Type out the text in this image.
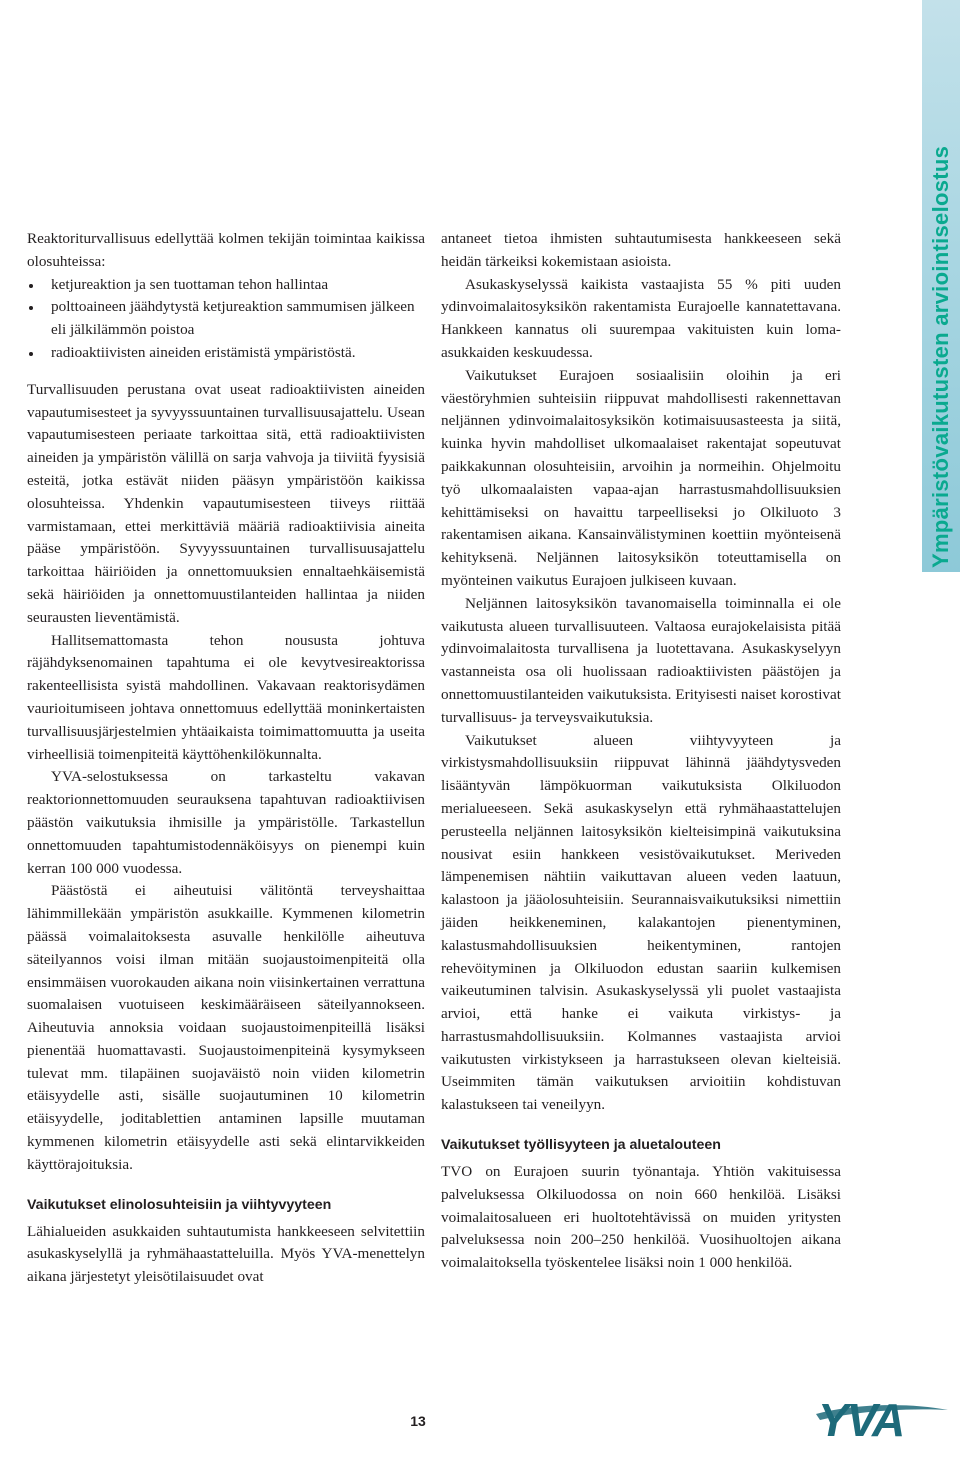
Ympäristövaikutusten arviointiselostus

Reaktoriturvallisuus edellyttää kolmen tekijän toimintaa kaikissa olosuhteissa:

ketjureaktion ja sen tuottaman tehon hallintaa
polttoaineen jäähdytystä ketjureaktion sammumisen jälkeen eli jälkilämmön poistoa
radioaktiivisten aineiden eristämistä ympäristöstä.

Turvallisuuden perustana ovat useat radioaktiivisten aineiden vapautumisesteet ja syvyyssuuntainen turvallisuusajattelu. Usean vapautumisesteen periaate tarkoittaa sitä, että radioaktiivisten aineiden ja ympäristön välillä on sarja vahvoja ja tiiviitä fyysisiä esteitä, jotka estävät niiden pääsyn ympäristöön kaikissa olosuhteissa. Yhdenkin vapautumisesteen tiiveys riittää varmistamaan, ettei merkittäviä määriä radioaktiivisia aineita pääse ympäristöön. Syvyyssuuntainen turvallisuusajattelu tarkoittaa häiriöiden ja onnettomuuksien ennaltaehkäisemistä sekä häiriöiden ja onnettomuustilanteiden hallintaa ja niiden seurausten lieventämistä.

Hallitsemattomasta tehon noususta johtuva räjähdyksenomainen tapahtuma ei ole kevytvesireaktorissa rakenteellisista syistä mahdollinen. Vakavaan reaktorisydämen vaurioitumiseen johtava onnettomuus edellyttää moninkertaisten turvallisuusjärjestelmien yhtäaikaista toimimattomuutta ja useita virheellisiä toimenpiteitä käyttöhenkilökunnalta.

YVA-selostuksessa on tarkasteltu vakavan reaktorionnettomuuden seurauksena tapahtuvan radioaktiivisen päästön vaikutuksia ihmisille ja ympäristölle. Tarkastellun onnettomuuden tapahtumistodennäköisyys on pienempi kuin kerran 100 000 vuodessa.

Päästöstä ei aiheutuisi välitöntä terveyshaittaa lähimmillekään ympäristön asukkaille. Kymmenen kilometrin päässä voimalaitoksesta asuvalle henkilölle aiheutuva säteilyannos voisi ilman mitään suojaustoimenpiteitä olla ensimmäisen vuorokauden aikana noin viisinkertainen verrattuna suomalaisen vuotuiseen keskimääräiseen säteilyannokseen. Aiheutuvia annoksia voidaan suojaustoimenpiteillä lisäksi pienentää huomattavasti. Suojaustoimenpiteinä kysymykseen tulevat mm. tilapäinen suojaväistö noin viiden kilometrin etäisyydelle asti, sisälle suojautuminen 10 kilometrin etäisyydelle, joditablettien antaminen lapsille muutaman kymmenen kilometrin etäisyydelle asti sekä elintarvikkeiden käyttörajoituksia.

Vaikutukset elinolosuhteisiin ja viihtyvyyteen

Lähialueiden asukkaiden suhtautumista hankkeeseen selvitettiin asukaskyselyllä ja ryhmähaastatteluilla. Myös YVA-menettelyn aikana järjestetyt yleisötilaisuudet ovat

antaneet tietoa ihmisten suhtautumisesta hankkeeseen sekä heidän tärkeiksi kokemistaan asioista.

Asukaskyselyssä kaikista vastaajista 55 % piti uuden ydinvoimalaitosyksikön rakentamista Eurajoelle kannatettavana. Hankkeen kannatus oli suurempaa vakituisten kuin loma-asukkaiden keskuudessa.

Vaikutukset Eurajoen sosiaalisiin oloihin ja eri väestöryhmien suhteisiin riippuvat mahdollisesti rakennettavan neljännen ydinvoimalaitosyksikön kotimaisuusasteesta ja siitä, kuinka hyvin mahdolliset ulkomaalaiset rakentajat sopeutuvat paikkakunnan olosuhteisiin, arvoihin ja normeihin. Ohjelmoitu työ ulkomaalaisten vapaa-ajan harrastusmahdollisuuksien kehittämiseksi on havaittu tarpeelliseksi jo Olkiluoto 3 rakentamisen aikana. Kansainvälistyminen koettiin myönteisenä kehityksenä. Neljännen laitosyksikön toteuttamisella on myönteinen vaikutus Eurajoen julkiseen kuvaan.

Neljännen laitosyksikön tavanomaisella toiminnalla ei ole vaikutusta alueen turvallisuuteen. Valtaosa eurajokelaisista pitää ydinvoimalaitosta turvallisena ja luotettavana. Asukaskyselyyn vastanneista osa oli huolissaan radioaktiivisten päästöjen ja onnettomuustilanteiden vaikutuksista. Erityisesti naiset korostivat turvallisuus- ja terveysvaikutuksia.

Vaikutukset alueen viihtyvyyteen ja virkistysmahdollisuuksiin riippuvat lähinnä jäähdytysveden lisääntyvän lämpökuorman vaikutuksista Olkiluodon merialueeseen. Sekä asukaskyselyn että ryhmähaastattelujen perusteella neljännen laitosyksikön kielteisimpinä vaikutuksina nousivat esiin hankkeen vesistövaikutukset. Meriveden lämpenemisen nähtiin vaikuttavan alueen veden laatuun, kalastoon ja jääolosuhteisiin. Seurannaisvaikutuksiksi nimettiin jäiden heikkeneminen, kalakantojen pienentyminen, kalastusmahdollisuuksien heikentyminen, rantojen rehevöityminen ja Olkiluodon edustan saariin kulkemisen vaikeutuminen talvisin. Asukaskyselyssä yli puolet vastaajista arvioi, että hanke ei vaikuta virkistys- ja harrastusmahdollisuuksiin. Kolmannes vastaajista arvioi vaikutusten virkistykseen ja harrastukseen olevan kielteisiä. Useimmiten tämän vaikutuksen arvioitiin kohdistuvan kalastukseen tai veneilyyn.

Vaikutukset työllisyyteen ja aluetalouteen

TVO on Eurajoen suurin työnantaja. Yhtiön vakituisessa palveluksessa Olkiluodossa on noin 660 henkilöä. Lisäksi voimalaitosalueen eri huoltotehtävissä on muiden yritysten palveluksessa noin 200–250 henkilöä. Vuosihuoltojen aikana voimalaitoksella työskentelee lisäksi noin 1 000 henkilöä.

13	YVA
